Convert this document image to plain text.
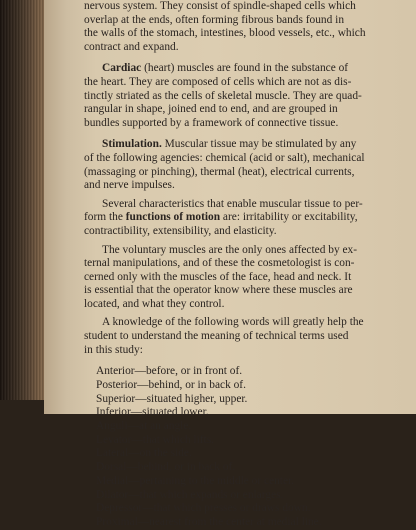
nervous system. They consist of spindle-shaped cells which
overlap at the ends, often forming fibrous bands found in
the walls of the stomach, intestines, blood vessels, etc., which
contract and expand.

Cardiac (heart) muscles are found in the substance of
the heart. They are composed of cells which are not as dis-
tinctly striated as the cells of skeletal muscle. They are quad-
rangular in shape, joined end to end, and are grouped in
bundles supported by a framework of connective tissue.

Stimulation. Muscular tissue may be stimulated by any
of the following agencies: chemical (acid or salt), mechanical
(massaging or pinching), thermal (heat), electrical currents,
and nerve impulses.

Several characteristics that enable muscular tissue to per-
form the functions of motion are: irritability or excitability,
contractibility, extensibility, and elasticity.

The voluntary muscles are the only ones affected by ex-
ternal manipulations, and of these the cosmetologist is con-
cerned only with the muscles of the face, head and neck. It
is essential that the operator know where these muscles are
located, and what they control.

A knowledge of the following words will greatly help the
student to understand the meaning of technical terms used
in this study:

Anterior—before, or in front of.
Posterior—behind, or in back of.
Superior—situated higher, upper.
Inferior—situated lower.
Anguli—at an angle.
Levator—that which lifts.
Lateral—on the side.
Dorsal—behind, or in back of.
Medial—pertaining to the middle or center.
Dilator—that which expands or enlarges.
Depressor—that which presses or draws down.
Proximal—nearest from the center at medial line.
